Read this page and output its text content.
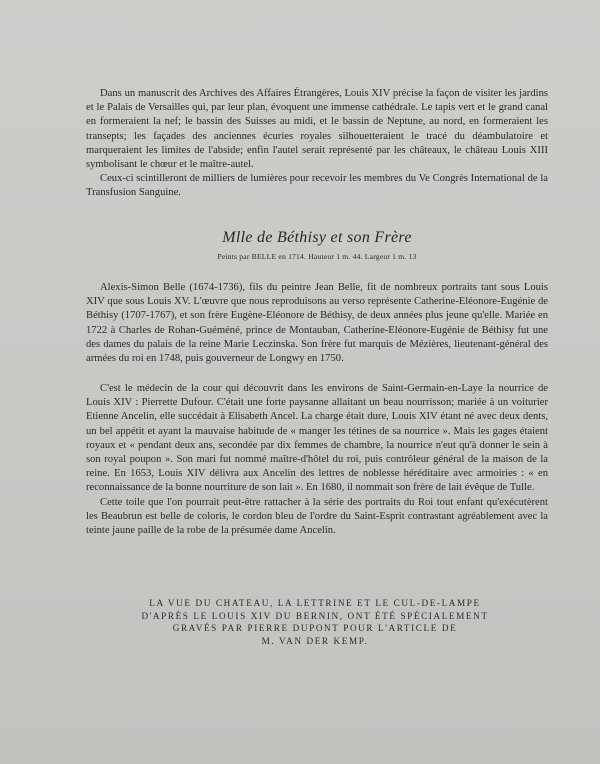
Dans un manuscrit des Archives des Affaires Étrangères, Louis XIV précise la façon de visiter les jardins et le Palais de Versailles qui, par leur plan, évoquent une immense cathédrale. Le tapis vert et le grand canal en formeraient la nef; le bassin des Suisses au midi, et le bassin de Neptune, au nord, en formeraient les transepts; les façades des anciennes écuries royales silhouetteraient le tracé du déambulatoire et marqueraient les limites de l'abside; enfin l'autel serait représenté par les châteaux, le château Louis XIII symbolisant le chœur et le maître-autel.

Ceux-ci scintilleront de milliers de lumières pour recevoir les membres du Ve Congrès International de la Transfusion Sanguine.

Mlle de Béthisy et son Frère
Peints par BELLE en 1714. Hauteur 1 m. 44. Largeur 1 m. 13

Alexis-Simon Belle (1674-1736), fils du peintre Jean Belle, fit de nombreux portraits tant sous Louis XIV que sous Louis XV. L'œuvre que nous reproduisons au verso représente Catherine-Eléonore-Eugénie de Béthisy (1707-1767), et son frère Eugène-Eléonore de Béthisy, de deux années plus jeune qu'elle. Mariée en 1722 à Charles de Rohan-Guéméné, prince de Montauban, Catherine-Eléonore-Eugénie de Béthisy fut une des dames du palais de la reine Marie Leczinska. Son frère fut marquis de Mézières, lieutenant-général des armées du roi en 1748, puis gouverneur de Longwy en 1750.

C'est le médecin de la cour qui découvrit dans les environs de Saint-Germain-en-Laye la nourrice de Louis XIV : Pierrette Dufour. C'était une forte paysanne allaitant un beau nourrisson; mariée à un voiturier Etienne Ancelin, elle succédait à Elisabeth Ancel. La charge était dure, Louis XIV étant né avec deux dents, un bel appétit et ayant la mauvaise habitude de « manger les tétines de sa nourrice ». Mais les gages étaient royaux et « pendant deux ans, secondée par dix femmes de chambre, la nourrice n'eut qu'à donner le sein à son royal poupon ». Son mari fut nommé maître-d'hôtel du roi, puis contrôleur général de la maison de la reine. En 1653, Louis XIV délivra aux Ancelin des lettres de noblesse héréditaire avec armoiries : « en reconnaissance de la bonne nourriture de son lait ». En 1680, il nommait son frère de lait évêque de Tulle.

Cette toile que l'on pourrait peut-être rattacher à la série des portraits du Roi tout enfant qu'exécutèrent les Beaubrun est belle de coloris, le cordon bleu de l'ordre du Saint-Esprit contrastant agréablement avec la teinte jaune paille de la robe de la présumée dame Ancelin.

LA VUE DU CHATEAU, LA LETTRINE ET LE CUL-DE-LAMPE
D'APRÈS LE LOUIS XIV DU BERNIN, ONT ÉTÉ SPÉCIALEMENT
GRAVÉS PAR PIERRE DUPONT POUR L'ARTICLE DE
M. VAN DER KEMP.
